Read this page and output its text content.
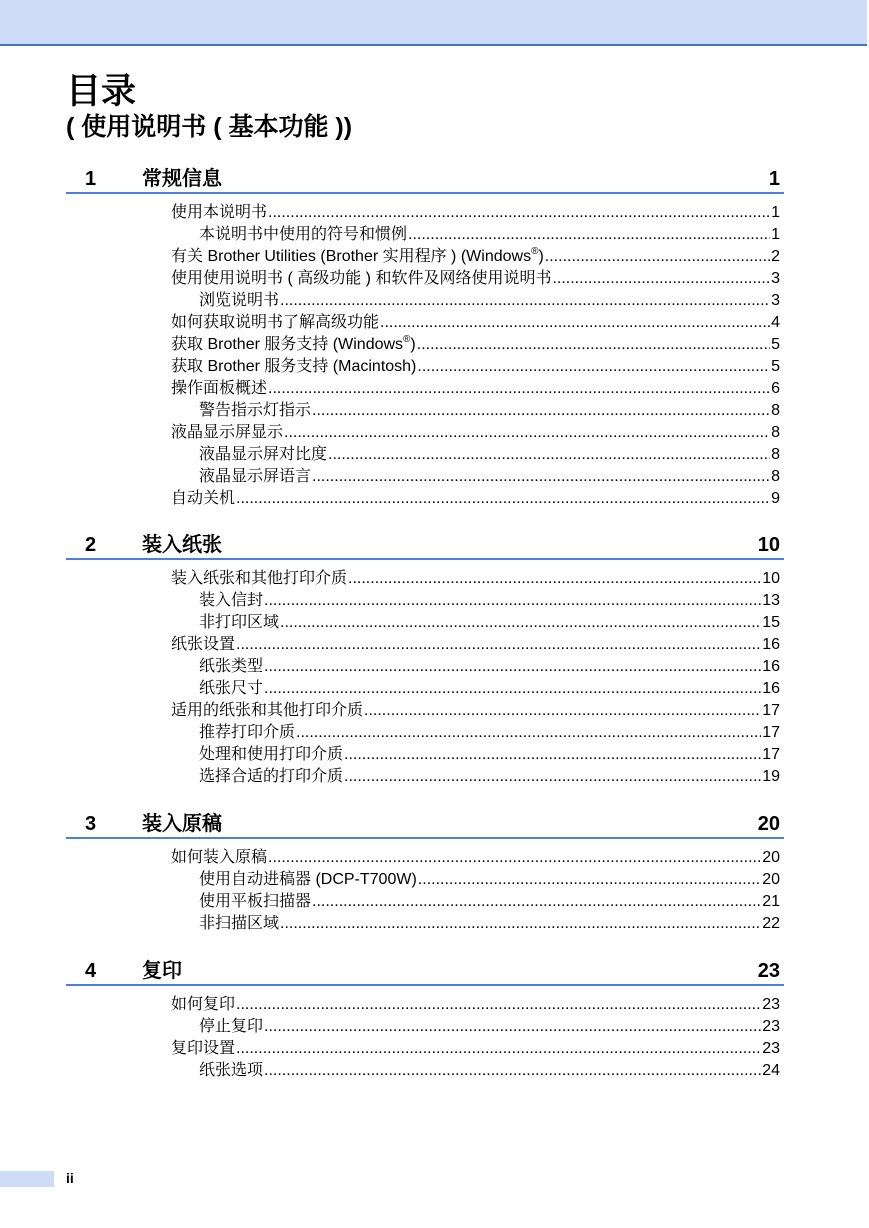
目录
( 使用说明书 ( 基本功能 ))
1 常规信息	1
使用本说明书 .....	1
本说明书中使用的符号和惯例 .....	1
有关 Brother Utilities (Brother 实用程序 ) (Windows®) .....	2
使用使用说明书 ( 高级功能 ) 和软件及网络使用说明书 .....	3
浏览说明书 .....	3
如何获取说明书了解高级功能 .....	4
获取 Brother 服务支持 (Windows®) .....	5
获取 Brother 服务支持 (Macintosh) .....	5
操作面板概述 .....	6
警告指示灯指示 .....	8
液晶显示屏显示 .....	8
液晶显示屏对比度 .....	8
液晶显示屏语言 .....	8
自动关机 .....	9
2 装入纸张	10
装入纸张和其他打印介质 .....	10
装入信封 .....	13
非打印区域 .....	15
纸张设置 .....	16
纸张类型 .....	16
纸张尺寸 .....	16
适用的纸张和其他打印介质 .....	17
推荐打印介质 .....	17
处理和使用打印介质 .....	17
选择合适的打印介质 .....	19
3 装入原稿	20
如何装入原稿 .....	20
使用自动进稿器 (DCP-T700W) .....	20
使用平板扫描器 .....	21
非扫描区域 .....	22
4 复印	23
如何复印 .....	23
停止复印 .....	23
复印设置 .....	23
纸张选项 .....	24
ii
